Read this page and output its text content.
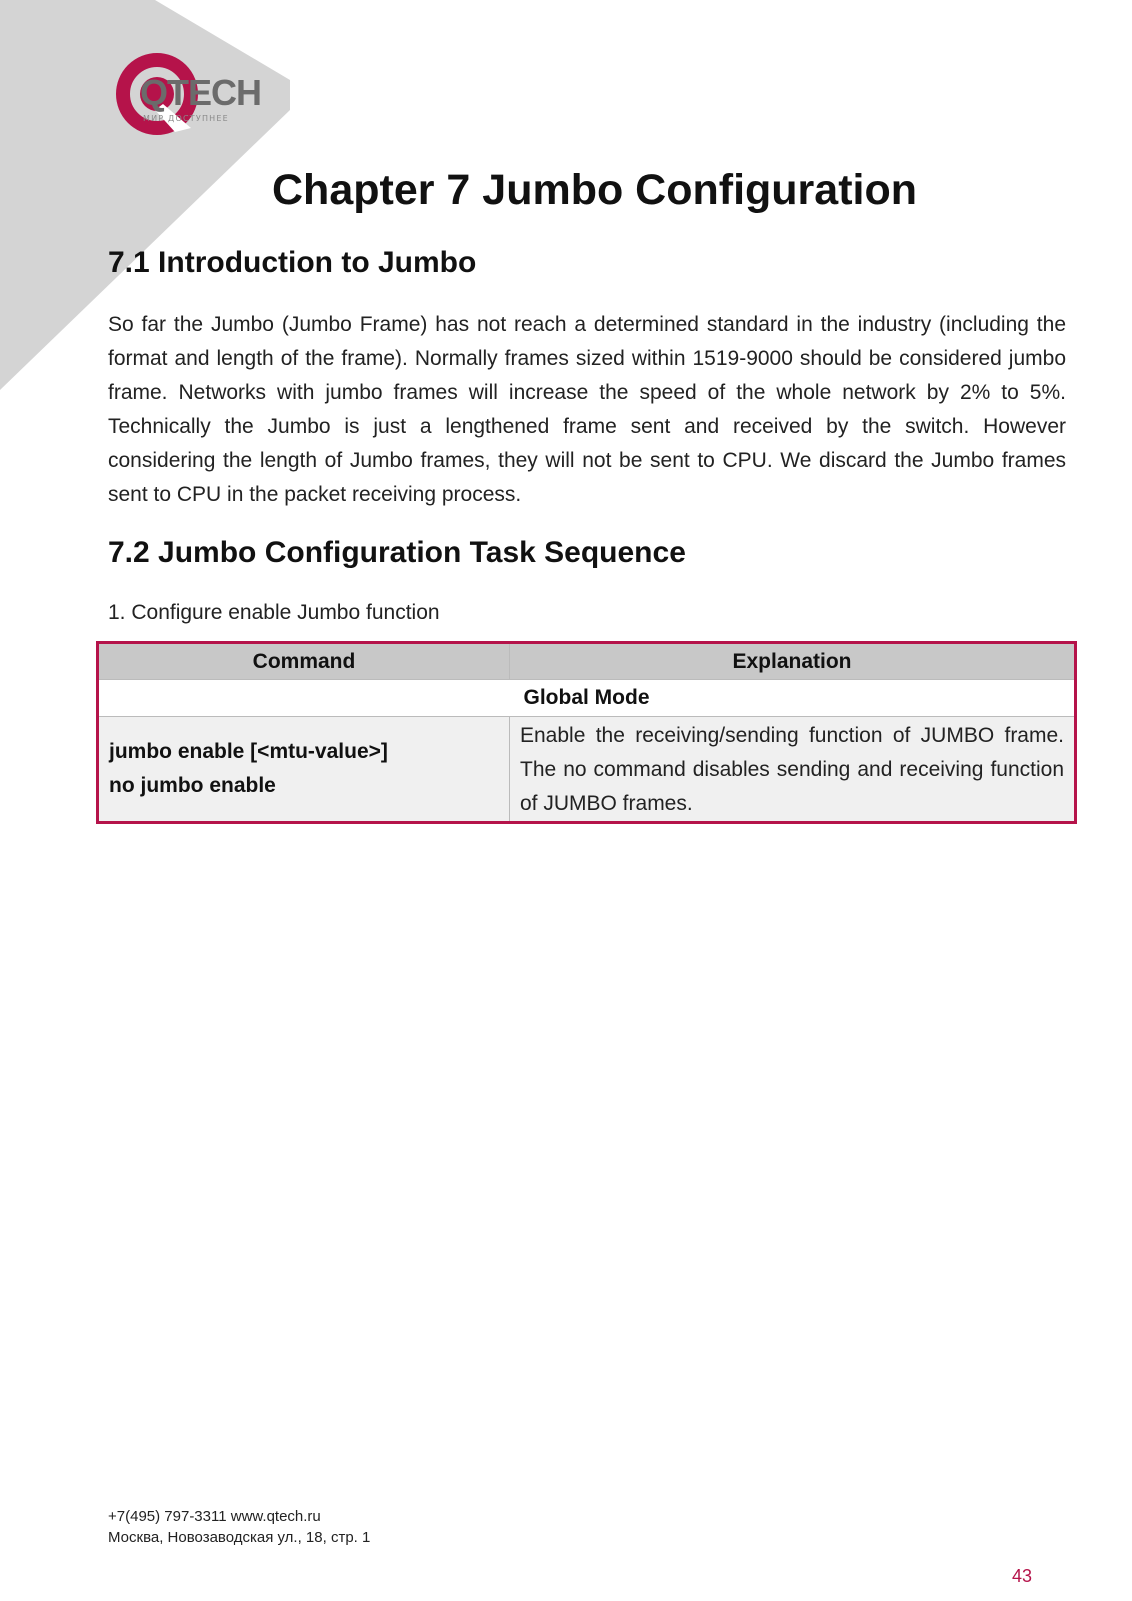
QTECH
МИР ДОСТУПНЕЕ
Chapter 7 Jumbo Configuration
7.1 Introduction to Jumbo

So far the Jumbo (Jumbo Frame) has not reach a determined standard in the industry (including the format and length of the frame). Normally frames sized within 1519-9000 should be considered jumbo frame. Networks with jumbo frames will increase the speed of the whole network by 2% to 5%. Technically the Jumbo is just a lengthened frame sent and received by the switch. However considering the length of Jumbo frames, they will not be sent to CPU. We discard the Jumbo frames sent to CPU in the packet receiving process.

7.2 Jumbo Configuration Task Sequence

1. Configure enable Jumbo function

Command	Explanation
Global Mode	

jumbo enable [<mtu-value>]
no jumbo enable	Enable the receiving/sending function of JUMBO frame. The no command disables sending and receiving function of JUMBO frames.

+7(495) 797-3311 www.qtech.ru

Москва, Новозаводская ул., 18, стр. 1

43
